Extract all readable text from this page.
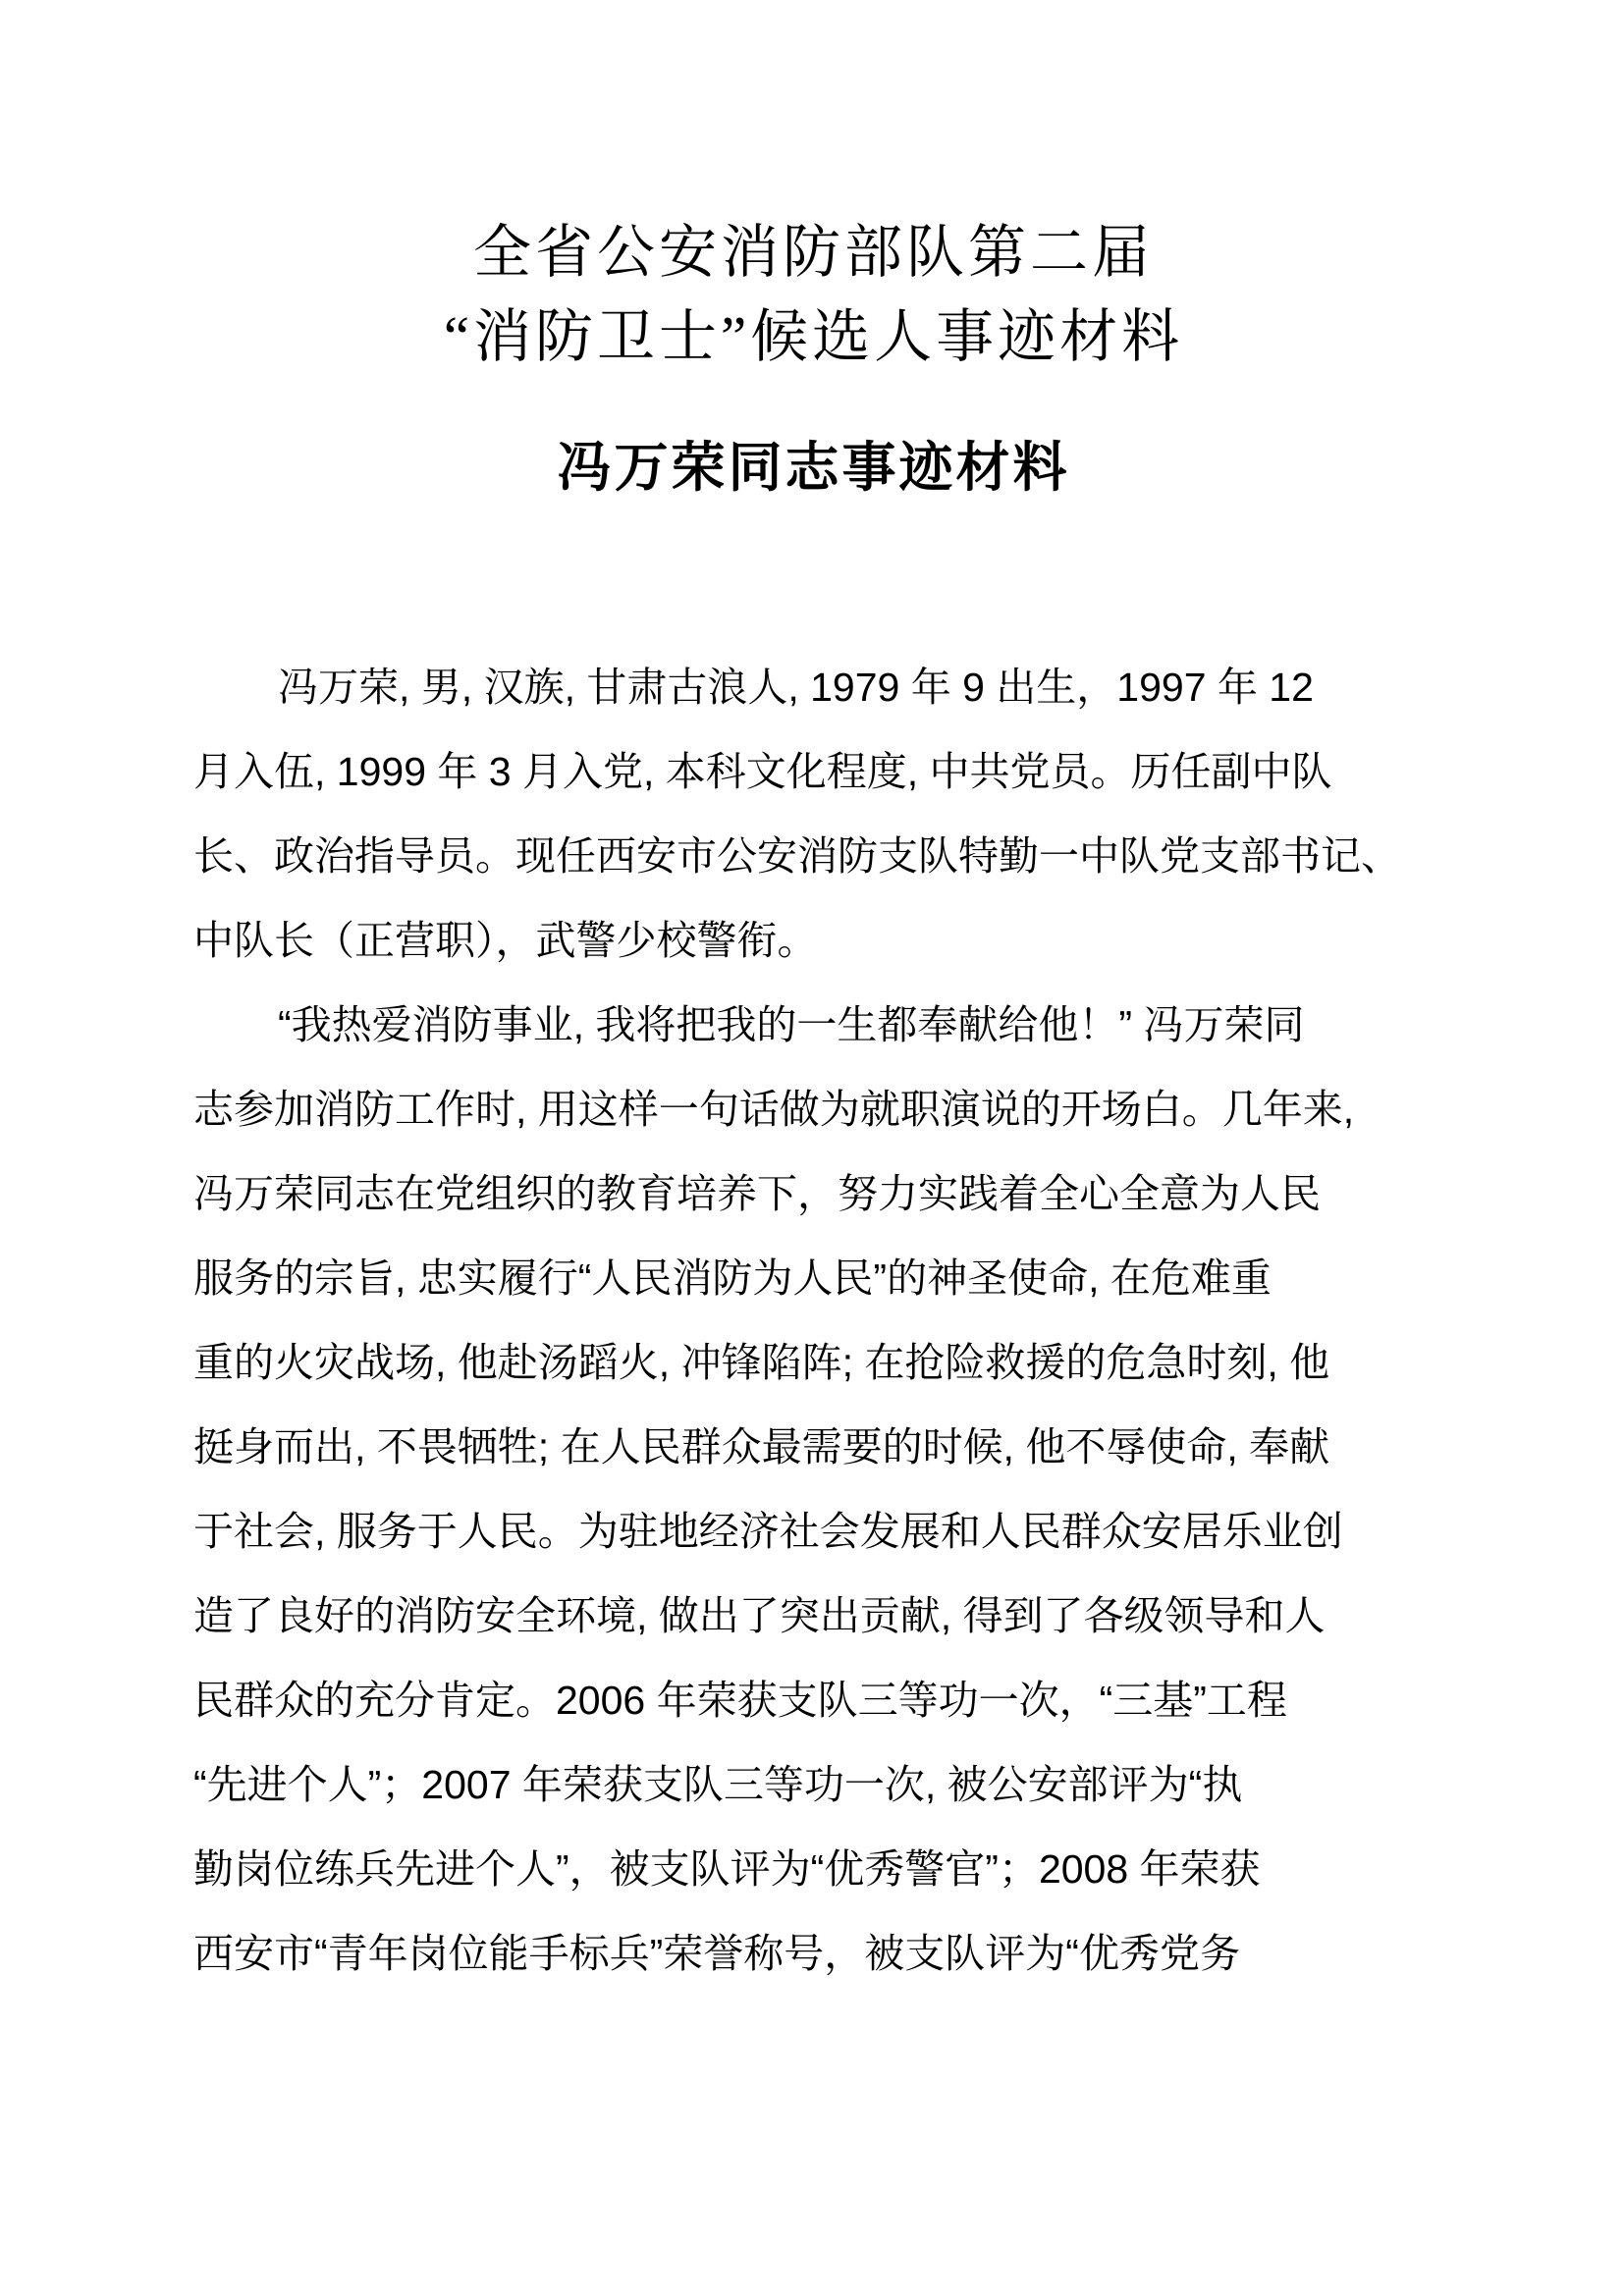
全省公安消防部队第二届
“消防卫士”候选人事迹材料
冯万荣同志事迹材料
冯万荣, 男, 汉族, 甘肃古浪人, 1979 年 9 出生，1997 年 12
月入伍, 1999 年 3 月入党, 本科文化程度, 中共党员。历任副中队
长、政治指导员。现任西安市公安消防支队特勤一中队党支部书记、
中队长（正营职），武警少校警衔。
“我热爱消防事业, 我将把我的一生都奉献给他！” 冯万荣同
志参加消防工作时, 用这样一句话做为就职演说的开场白。几年来,
冯万荣同志在党组织的教育培养下，努力实践着全心全意为人民
服务的宗旨, 忠实履行“人民消防为人民”的神圣使命, 在危难重
重的火灾战场, 他赴汤蹈火, 冲锋陷阵; 在抢险救援的危急时刻, 他
挺身而出, 不畏牺牲; 在人民群众最需要的时候, 他不辱使命, 奉献
于社会, 服务于人民。为驻地经济社会发展和人民群众安居乐业创
造了良好的消防安全环境, 做出了突出贡献, 得到了各级领导和人
民群众的充分肯定。2006 年荣获支队三等功一次，“三基”工程
“先进个人”；2007 年荣获支队三等功一次, 被公安部评为“执
勤岗位练兵先进个人”，被支队评为“优秀警官”；2008 年荣获
西安市“青年岗位能手标兵”荣誉称号，被支队评为“优秀党务
